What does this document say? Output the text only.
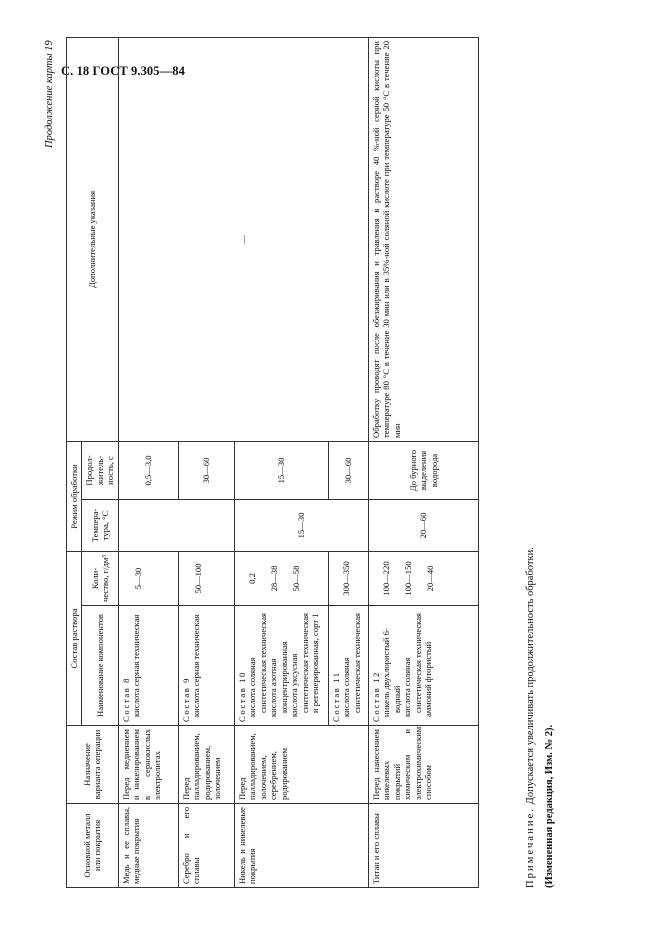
С. 18 ГОСТ 9.305—84
Продолжение карты 19
Основной металл или покрытия	Назначение варианта операции	Состав раствора		Режим обработки		Дополнительные указания
		Наименование компонентов	Коли-чество, г/дм³	Темпера-тура, °С	Продол-житель-ность, с	
Медь и ее сплавы, медные покрытия	Перед меднением и никелированием в сернокислых электролитах	Состав 8 кислота серная техническая	5—30		0,5—3,0	—
Серебро и его сплавы	Перед палладированием, родированием, золочением	Состав 9 кислота серная техническая	50—100		30—60	
Никель и никелевые покрытия	Перед палладированием, золочением, серебрением, родированием	Состав 10 кислота соляная синтетическая техническая кислота азотная концентрированная кислота уксусная синтетическая техническая и регенерированная, сорт 1	0,2 28—38 50—58	15—30	15—30	

		Состав 11 кислота соляная синтетическая техническая	300—350		30—60	
Титан и его сплавы	Перед нанесением никелевых покрытий химическим и электрохимическим способом	Состав 12 никель двухлористый 6-водный кислота соляная синтетическая техническая аммоний фтористый	100—220 100—150 20—40	20—60	До бурного выделения водорода	Обработку проводят после обезжиривания и травления в растворе 40 %-ной серной кислоты при температуре 80 °С в течение 30 мин или в 35%-ной соляной кислоте при температуре 50 °С в течение 20 мин
Примечание. Допускается увеличивать продолжительность обработки. (Измененная редакция, Изм. № 2).
